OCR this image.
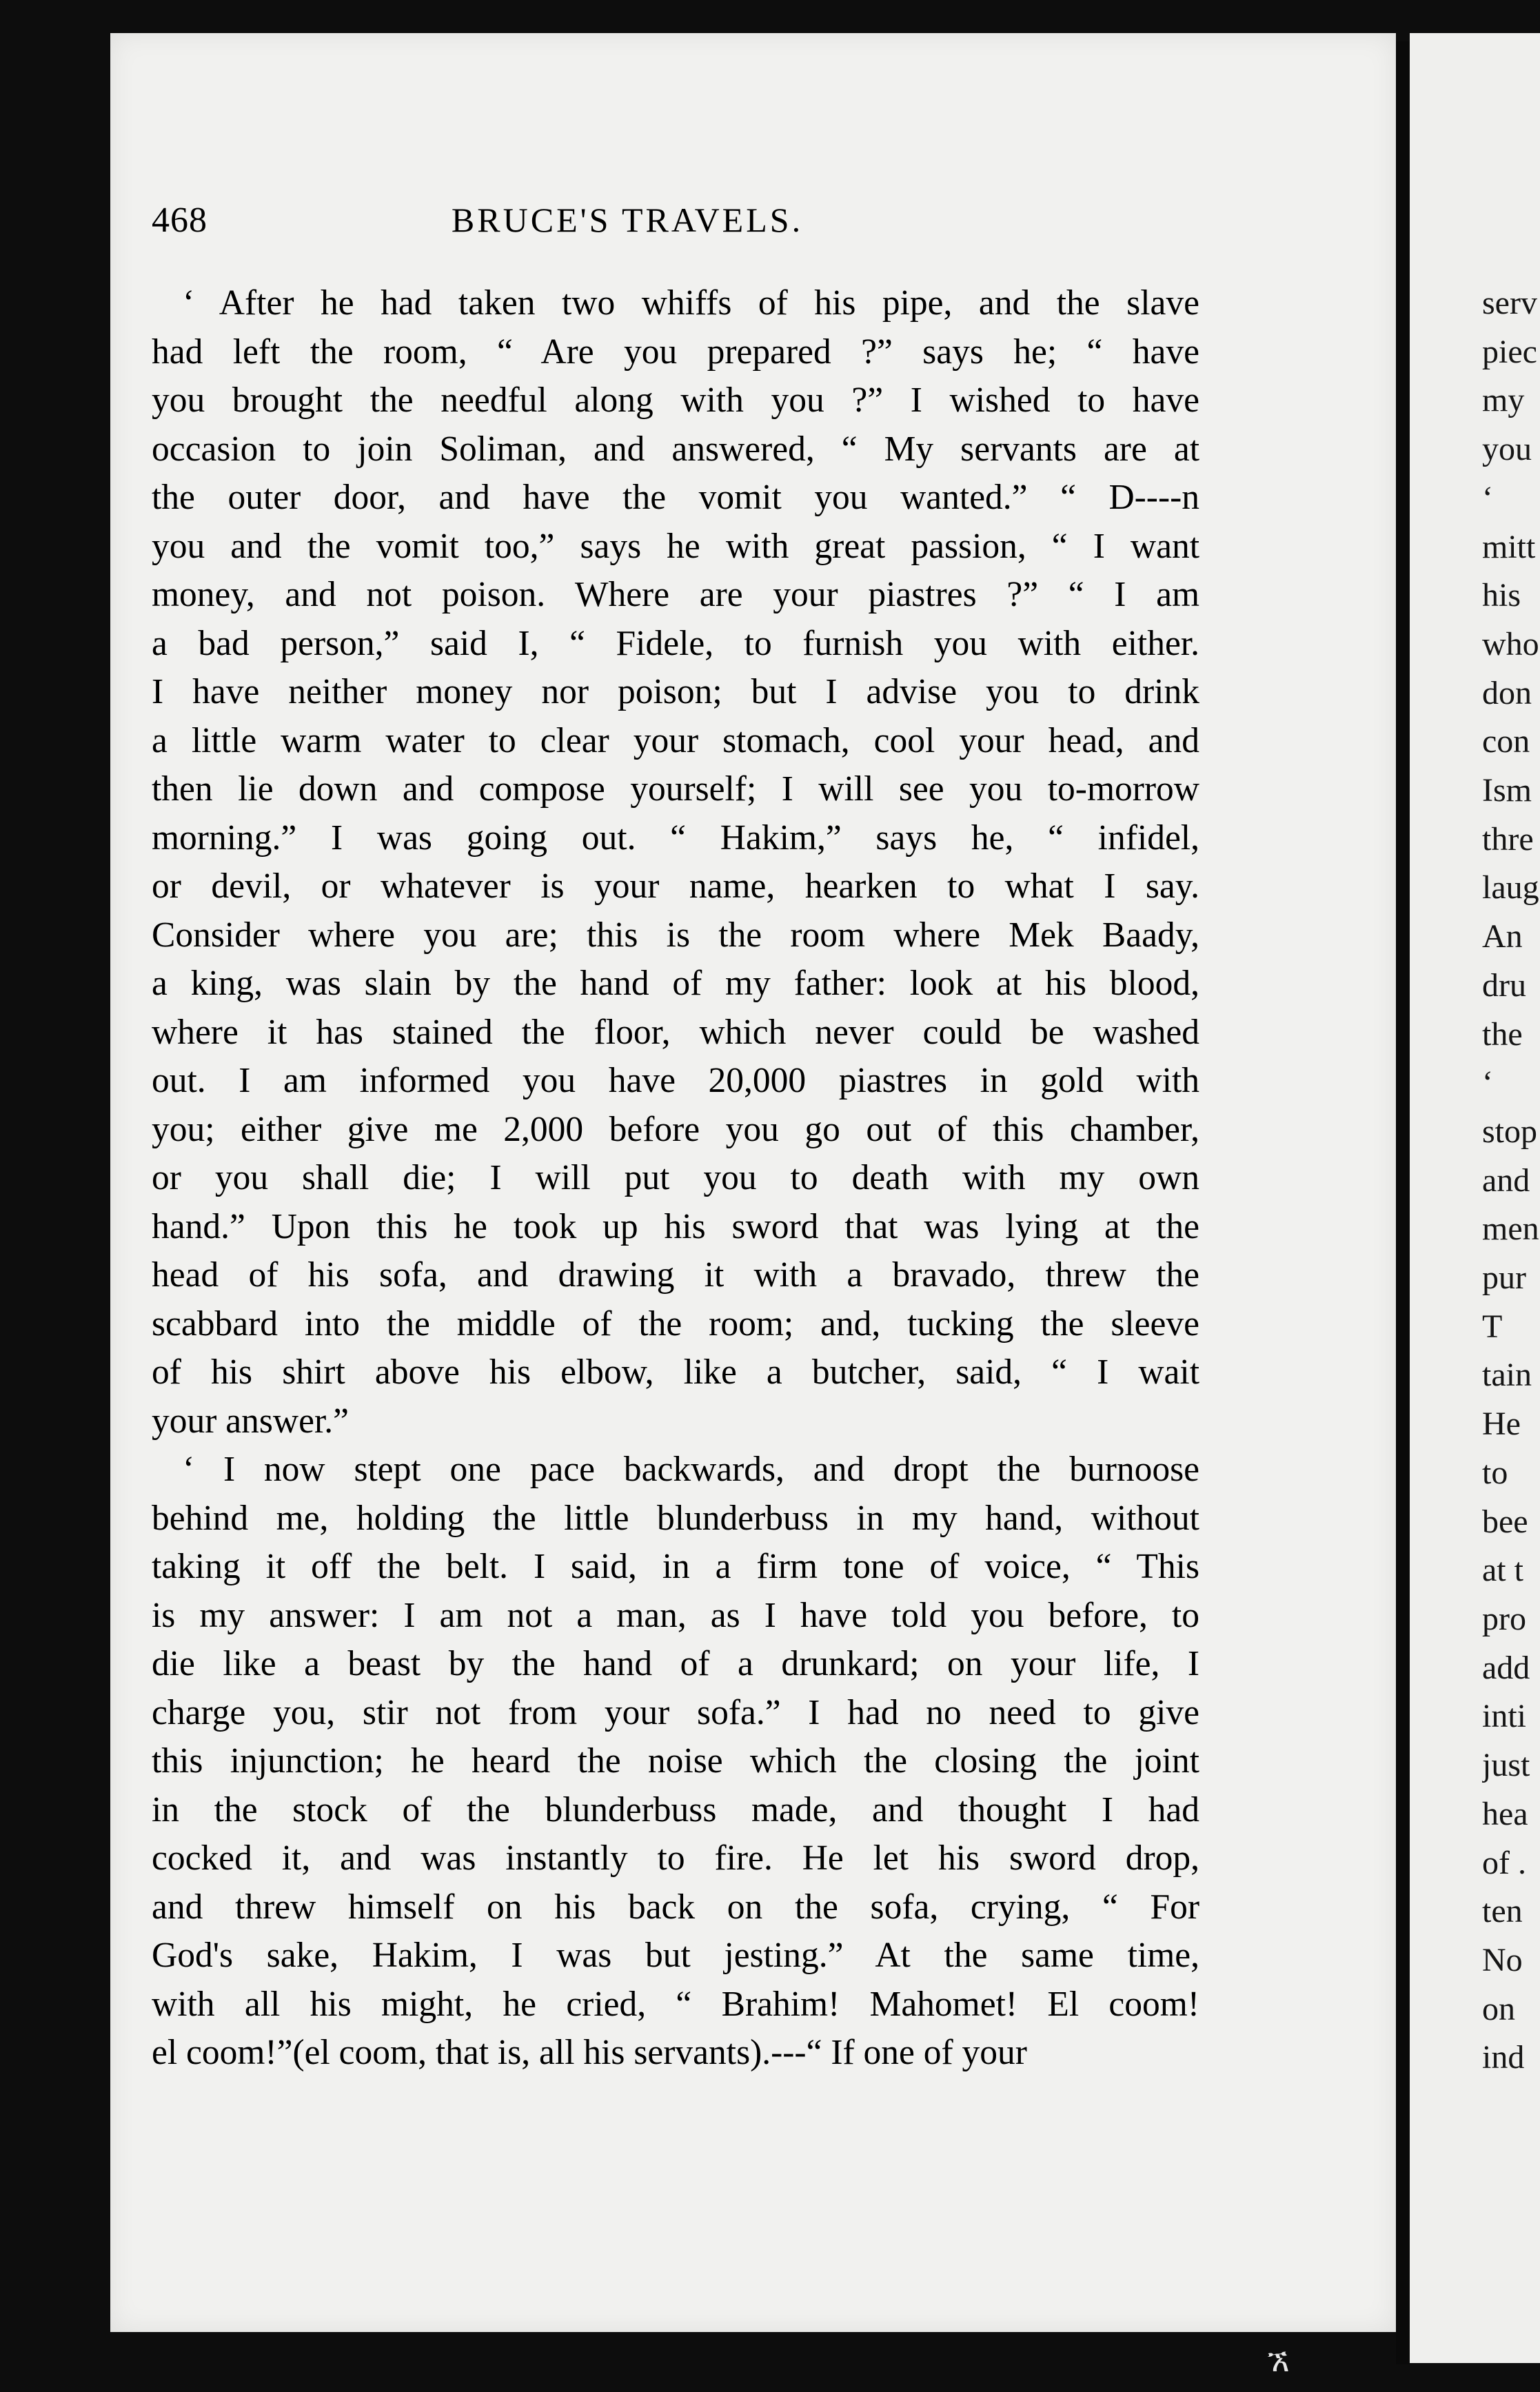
468	BRUCE'S TRAVELS.
‘ After he had taken two whiffs of his pipe, and the slave
had left the room, “ Are you prepared ?” says he; “ have
you brought the needful along with you ?” I wished to have
occasion to join Soliman, and answered, “ My servants are at
the outer door, and have the vomit you wanted.” “ D----n
you and the vomit too,” says he with great passion, “ I want
money, and not poison. Where are your piastres ?” “ I am
a bad person,” said I, “ Fidele, to furnish you with either.
I have neither money nor poison; but I advise you to drink
a little warm water to clear your stomach, cool your head, and
then lie down and compose yourself; I will see you to-morrow
morning.” I was going out. “ Hakim,” says he, “ infidel,
or devil, or whatever is your name, hearken to what I say.
Consider where you are; this is the room where Mek Baady,
a king, was slain by the hand of my father: look at his blood,
where it has stained the floor, which never could be washed
out. I am informed you have 20,000 piastres in gold with
you; either give me 2,000 before you go out of this chamber,
or you shall die; I will put you to death with my own
hand.” Upon this he took up his sword that was lying at the
head of his sofa, and drawing it with a bravado, threw the
scabbard into the middle of the room; and, tucking the sleeve
of his shirt above his elbow, like a butcher, said, “ I wait
your answer.”
‘ I now stept one pace backwards, and dropt the burnoose
behind me, holding the little blunderbuss in my hand, without
taking it off the belt. I said, in a firm tone of voice, “ This
is my answer: I am not a man, as I have told you before, to
die like a beast by the hand of a drunkard; on your life, I
charge you, stir not from your sofa.” I had no need to give
this injunction; he heard the noise which the closing the joint
in the stock of the blunderbuss made, and thought I had
cocked it, and was instantly to fire. He let his sword drop,
and threw himself on his back on the sofa, crying, “ For
God's sake, Hakim, I was but jesting.” At the same time,
with all his might, he cried, “ Brahim! Mahomet! El coom!
el coom!”(el coom, that is, all his servants).---“ If one of your
serv
piec
my
you
‘
mitt
his
who
don
con
Ism
thre
laug
An
dru
the
‘
stop
and
men
pur
T
tain
He
to
bee
at t
pro
add
inti
just
hea
of .
ten
No
on
ind
ኧ
